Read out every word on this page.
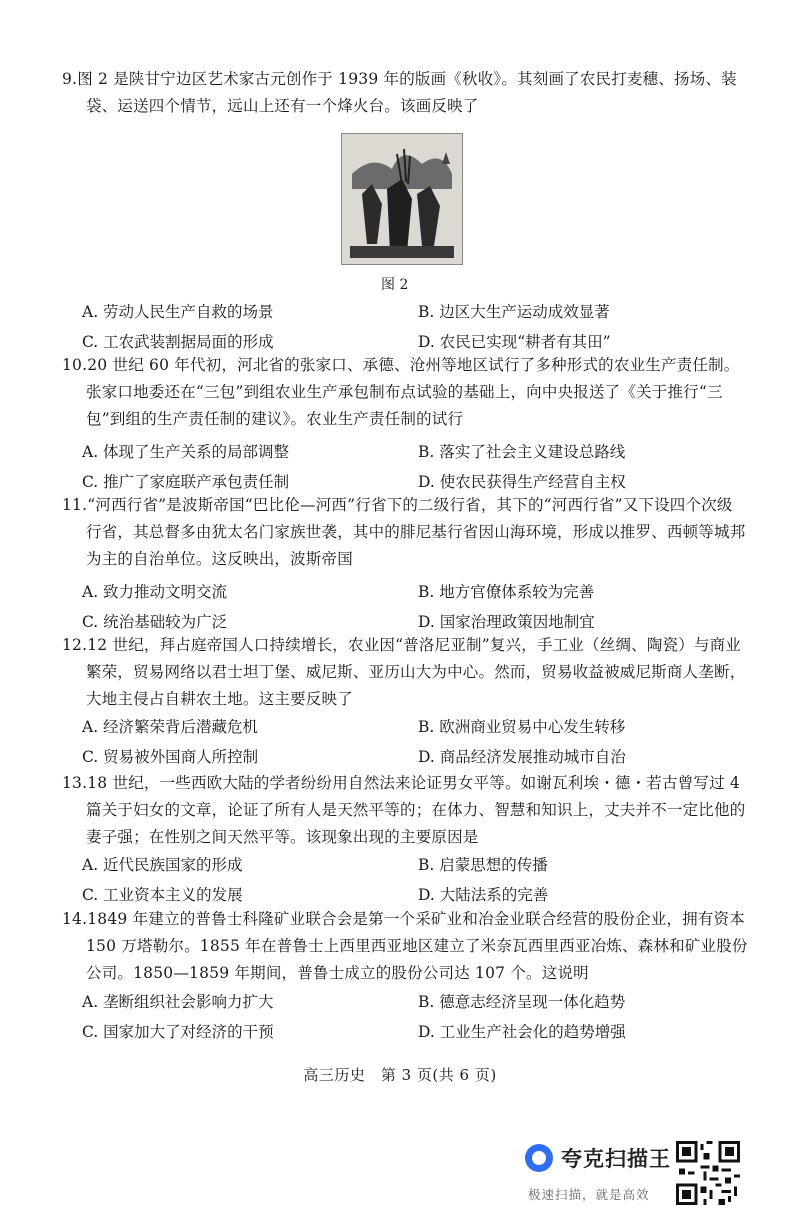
9.图 2 是陕甘宁边区艺术家古元创作于 1939 年的版画《秋收》。其刻画了农民打麦穗、扬场、装袋、运送四个情节，远山上还有一个烽火台。该画反映了
图 2
A. 劳动人民生产自救的场景	B. 边区大生产运动成效显著
C. 工农武装割据局面的形成	D. 农民已实现“耕者有其田”
10.20 世纪 60 年代初，河北省的张家口、承德、沧州等地区试行了多种形式的农业生产责任制。张家口地委还在“三包”到组农业生产承包制布点试验的基础上，向中央报送了《关于推行“三包”到组的生产责任制的建议》。农业生产责任制的试行
A. 体现了生产关系的局部调整	B. 落实了社会主义建设总路线
C. 推广了家庭联产承包责任制	D. 使农民获得生产经营自主权
11.“河西行省”是波斯帝国“巴比伦—河西”行省下的二级行省，其下的“河西行省”又下设四个次级行省，其总督多由犹太名门家族世袭，其中的腓尼基行省因山海环境，形成以推罗、西顿等城邦为主的自治单位。这反映出，波斯帝国
A. 致力推动文明交流	B. 地方官僚体系较为完善
C. 统治基础较为广泛	D. 国家治理政策因地制宜
12.12 世纪，拜占庭帝国人口持续增长，农业因“普洛尼亚制”复兴，手工业（丝绸、陶瓷）与商业繁荣，贸易网络以君士坦丁堡、威尼斯、亚历山大为中心。然而，贸易收益被威尼斯商人垄断，大地主侵占自耕农土地。这主要反映了
A. 经济繁荣背后潜藏危机	B. 欧洲商业贸易中心发生转移
C. 贸易被外国商人所控制	D. 商品经济发展推动城市自治
13.18 世纪，一些西欧大陆的学者纷纷用自然法来论证男女平等。如谢瓦利埃・德・若古曾写过 4 篇关于妇女的文章，论证了所有人是天然平等的；在体力、智慧和知识上，丈夫并不一定比他的妻子强；在性别之间天然平等。该现象出现的主要原因是
A. 近代民族国家的形成	B. 启蒙思想的传播
C. 工业资本主义的发展	D. 大陆法系的完善
14.1849 年建立的普鲁士科隆矿业联合会是第一个采矿业和冶金业联合经营的股份企业，拥有资本 150 万塔勒尔。1855 年在普鲁士上西里西亚地区建立了米奈瓦西里西亚冶炼、森林和矿业股份公司。1850—1859 年期间，普鲁士成立的股份公司达 107 个。这说明
A. 垄断组织社会影响力扩大	B. 德意志经济呈现一体化趋势
C. 国家加大了对经济的干预	D. 工业生产社会化的趋势增强
高三历史　第 3 页(共 6 页)
夸克扫描王
极速扫描，就是高效
